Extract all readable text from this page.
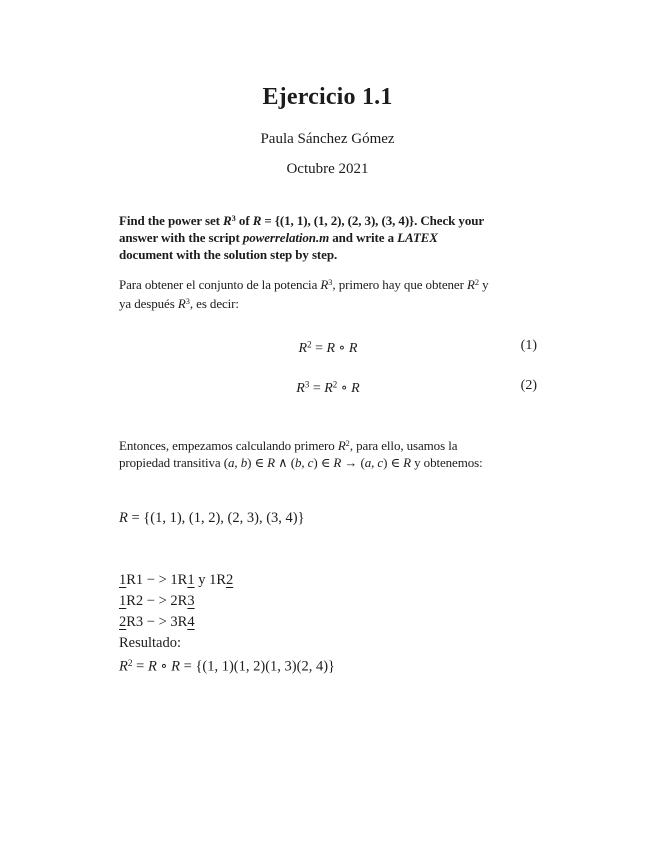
Ejercicio 1.1
Paula Sánchez Gómez
Octubre 2021
Find the power set $R^3$ of R = {(1, 1), (1, 2), (2, 3), (3, 4)}. Check your
answer with the script powerrelation.m and write a LATEX
document with the solution step by step.
Para obtener el conjunto de la potencia $R^3$, primero hay que obtener $R^2$ y
ya después $R^3$, es decir:
$R^2 = R$ ∘ R	(1)
$R^3 = R^2$ ∘ R	(2)
Entonces, empezamos calculando primero $R^2$, para ello, usamos la
propiedad transitiva (a, b) ∈ R ∧ (b, c) ∈ R → (a, c) ∈ R y obtenemos:
R = {(1, 1), (1, 2), (2, 3), (3, 4)}
1R1 − > 1R1 y 1R2
1R2 − > 2R3
2R3 − > 3R4
Resultado:
$R^2 = R$ ∘ R = {(1, 1)(1, 2)(1, 3)(2, 4)}
